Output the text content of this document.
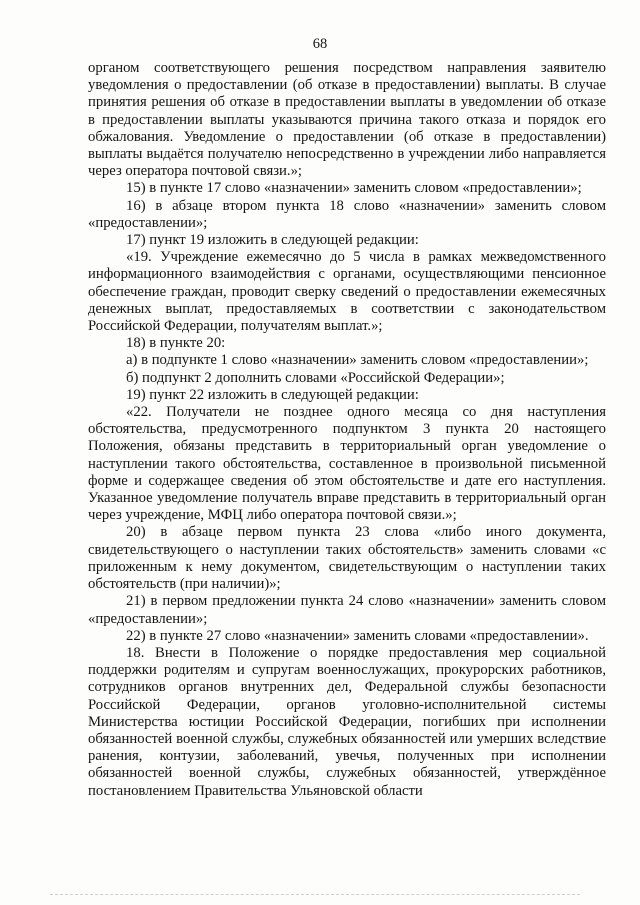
68

органом соответствующего решения посредством направления заявителю уведомления о предоставлении (об отказе в предоставлении) выплаты. В случае принятия решения об отказе в предоставлении выплаты в уведомлении об отказе в предоставлении выплаты указываются причина такого отказа и порядок его обжалования. Уведомление о предоставлении (об отказе в предоставлении) выплаты выдаётся получателю непосредственно в учреждении либо направляется через оператора почтовой связи.»;

15) в пункте 17 слово «назначении» заменить словом «предоставлении»;

16) в абзаце втором пункта 18 слово «назначении» заменить словом «предоставлении»;

17) пункт 19 изложить в следующей редакции:

«19. Учреждение ежемесячно до 5 числа в рамках межведомственного информационного взаимодействия с органами, осуществляющими пенсионное обеспечение граждан, проводит сверку сведений о предоставлении ежемесячных денежных выплат, предоставляемых в соответствии с законодательством Российской Федерации, получателям выплат.»;

18) в пункте 20:

а) в подпункте 1 слово «назначении» заменить словом «предоставлении»;

б) подпункт 2 дополнить словами «Российской Федерации»;

19) пункт 22 изложить в следующей редакции:

«22. Получатели не позднее одного месяца со дня наступления обстоятельства, предусмотренного подпунктом 3 пункта 20 настоящего Положения, обязаны представить в территориальный орган уведомление о наступлении такого обстоятельства, составленное в произвольной письменной форме и содержащее сведения об этом обстоятельстве и дате его наступления. Указанное уведомление получатель вправе представить в территориальный орган через учреждение, МФЦ либо оператора почтовой связи.»;

20) в абзаце первом пункта 23 слова «либо иного документа, свидетельствующего о наступлении таких обстоятельств» заменить словами «с приложенным к нему документом, свидетельствующим о наступлении таких обстоятельств (при наличии)»;

21) в первом предложении пункта 24 слово «назначении» заменить словом «предоставлении»;

22) в пункте 27 слово «назначении» заменить словами «предоставлении».

18. Внести в Положение о порядке предоставления мер социальной поддержки родителям и супругам военнослужащих, прокурорских работников, сотрудников органов внутренних дел, Федеральной службы безопасности Российской Федерации, органов уголовно-исполнительной системы Министерства юстиции Российской Федерации, погибших при исполнении обязанностей военной службы, служебных обязанностей или умерших вследствие ранения, контузии, заболеваний, увечья, полученных при исполнении обязанностей военной службы, служебных обязанностей, утверждённое постановлением Правительства Ульяновской области
